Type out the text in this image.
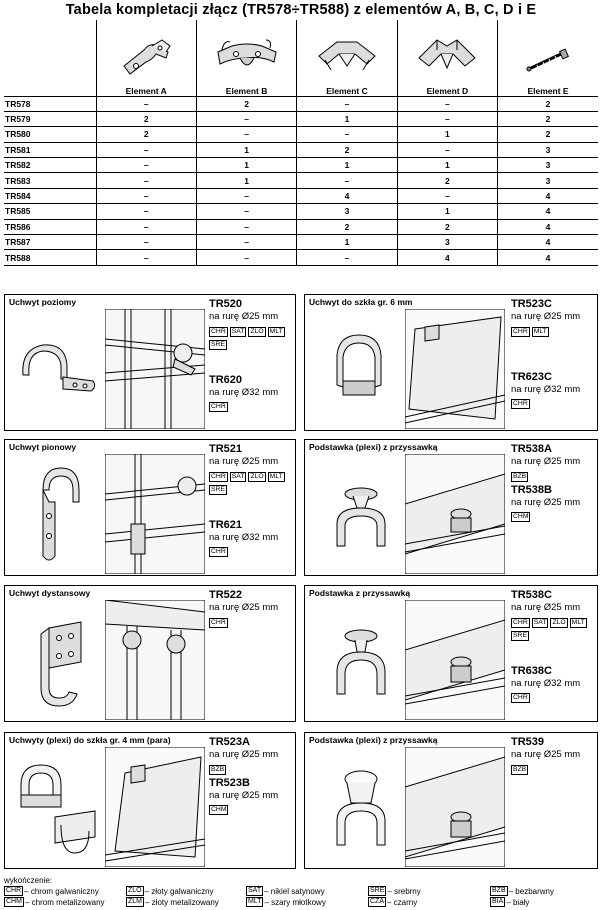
Tabela kompletacji złącz (TR578÷TR588) z elementów A, B, C, D i E

Element A	Element B	Element C	Element D	Element E
TR578	–	2	–	–	2
TR579	2	–	1	–	2
TR580	2	–	–	1	2
TR581	–	1	2	–	3
TR582	–	1	1	1	3
TR583	–	1	–	2	3
TR584	–	–	4	–	4
TR585	–	–	3	1	4
TR586	–	–	2	2	4
TR587	–	–	1	3	4
TR588	–	–	–	4	4
Uchwyt poziomy	TR520
na rurę Ø25 mm
CHR SAT ZLO MLTSRE
TR620
na rurę Ø32 mm
CHR
Uchwyt do szkła gr. 6 mm	TR523C
na rurę Ø25 mm
CHR MLT
TR623C
na rurę Ø32 mm
CHR
Uchwyt pionowy	TR521
na rurę Ø25 mm
CHR SAT ZLO MLTSRE
TR621
na rurę Ø32 mm
CHR
Podstawka (plexi) z przyssawką	TR538A
na rurę Ø25 mm
BZB
TR538B
na rurę Ø25 mm
CHM
Uchwyt dystansowy	TR522
na rurę Ø25 mm
CHR
Podstawka z przyssawką	TR538C
na rurę Ø25 mm
CHR SAT ZLO MLTSRE
TR638C
na rurę Ø32 mm
CHR
Uchwyty (plexi) do szkła gr. 4 mm (para)	TR523A
na rurę Ø25 mm
BZB
TR523B
na rurę Ø25 mm
CHM
Podstawka (plexi) z przyssawką	TR539
na rurę Ø25 mm
BZB
wykończenie:
CHR – chrom galwaniczny	ZLO – złoty galwaniczny	SAT – nikiel satynowy	SRE – srebrny	BZB – bezbarwny
CHM – chrom metalizowany	ZLM – złoty metalizowany	MLT – szary młotkowy	CZA – czarny	BIA – biały
